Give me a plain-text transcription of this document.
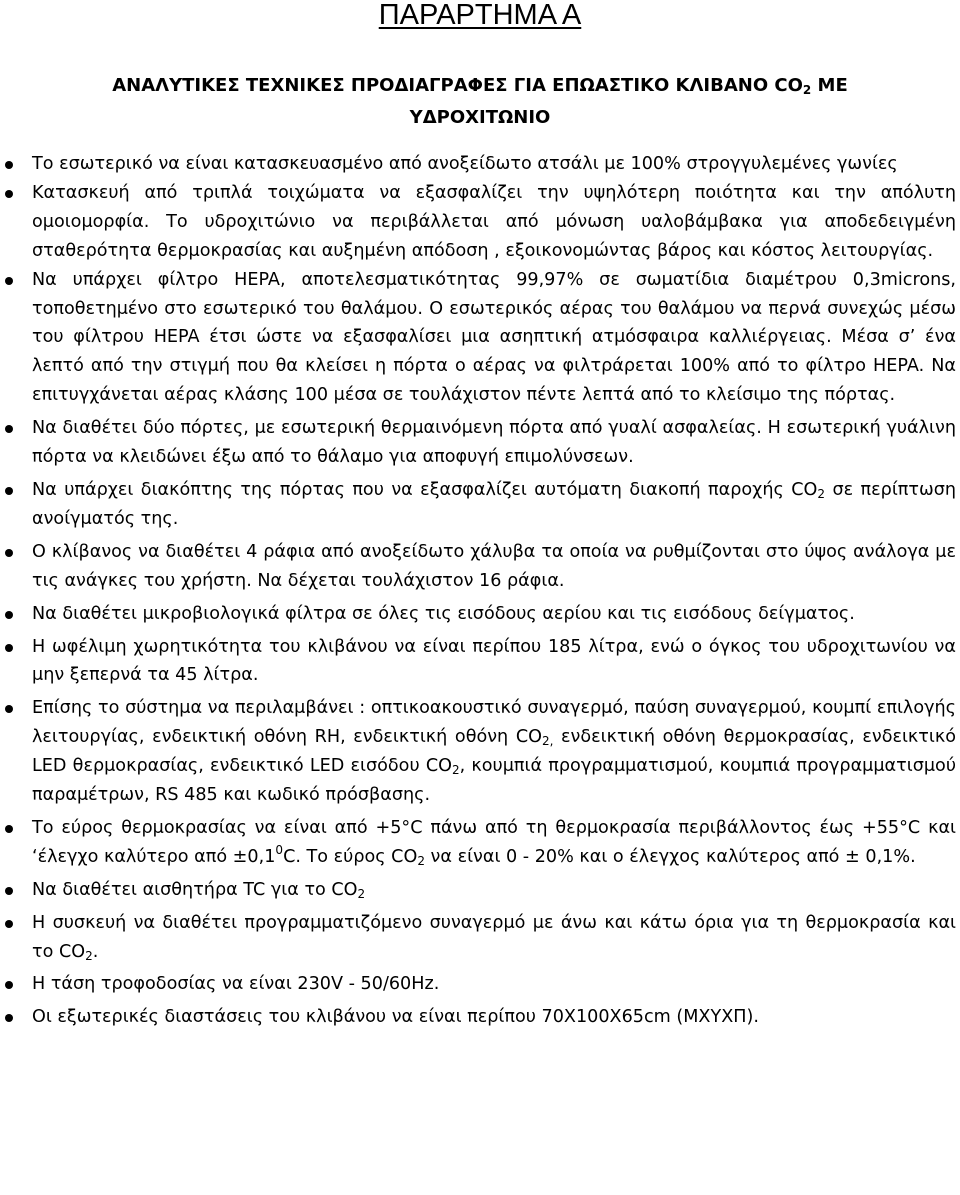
ΠΑΡΑΡΤΗΜΑ Α
ΑΝΑΛΥΤΙΚΕΣ ΤΕΧΝΙΚΕΣ ΠΡΟΔΙΑΓΡΑΦΕΣ ΓΙΑ ΕΠΩΑΣΤΙΚΟ ΚΛΙΒΑΝΟ $CO_2$ ΜΕ
ΥΔΡΟΧΙΤΩΝΙΟ
Το εσωτερικό να είναι κατασκευασμένο από ανοξείδωτο ατσάλι με 100% στρογγυλεμένες γωνίες
Κατασκευή από τριπλά τοιχώματα να εξασφαλίζει την υψηλότερη ποιότητα και την απόλυτη ομοιομορφία. Το υδροχιτώνιο να περιβάλλεται από μόνωση υαλοβάμβακα για αποδεδειγμένη σταθερότητα θερμοκρασίας και αυξημένη απόδοση , εξοικονομώντας βάρος και κόστος λειτουργίας.
Να υπάρχει φίλτρο HEPA, αποτελεσματικότητας 99,97% σε σωματίδια διαμέτρου 0,3microns, τοποθετημένο στο εσωτερικό του θαλάμου. Ο εσωτερικός αέρας του θαλάμου να περνά συνεχώς μέσω του φίλτρου HEPA έτσι ώστε να εξασφαλίσει μια ασηπτική ατμόσφαιρα καλλιέργειας. Μέσα σ’ ένα λεπτό από την στιγμή που θα κλείσει η πόρτα ο αέρας να φιλτράρεται 100% από το φίλτρο HEPA. Να επιτυγχάνεται αέρας κλάσης 100 μέσα σε τουλάχιστον πέντε λεπτά από το κλείσιμο της πόρτας.
Να διαθέτει δύο πόρτες, με εσωτερική θερμαινόμενη πόρτα από γυαλί ασφαλείας. Η εσωτερική γυάλινη πόρτα να κλειδώνει έξω από το θάλαμο για αποφυγή επιμολύνσεων.
Να υπάρχει διακόπτης της πόρτας που να εξασφαλίζει αυτόματη διακοπή παροχής $CO_2$ σε περίπτωση ανοίγματός της.
Ο κλίβανος να διαθέτει 4 ράφια από ανοξείδωτο χάλυβα τα οποία να ρυθμίζονται στο ύψος ανάλογα με τις ανάγκες του χρήστη. Να δέχεται τουλάχιστον 16 ράφια.
Να διαθέτει μικροβιολογικά φίλτρα σε όλες τις εισόδους αερίου και τις εισόδους δείγματος.
Η ωφέλιμη χωρητικότητα του κλιβάνου να είναι περίπου 185 λίτρα, ενώ ο όγκος του υδροχιτωνίου να μην ξεπερνά τα 45 λίτρα.
Επίσης το σύστημα να περιλαμβάνει : οπτικοακουστικό συναγερμό, παύση συναγερμού, κουμπί επιλογής λειτουργίας, ενδεικτική οθόνη RH, ενδεικτική οθόνη $CO_{2,}$ ενδεικτική οθόνη θερμοκρασίας, ενδεικτικό LED θερμοκρασίας, ενδεικτικό LED εισόδου $CO_2$, κουμπιά προγραμματισμού, κουμπιά προγραμματισμού παραμέτρων, RS 485 και κωδικό πρόσβασης.
Το εύρος θερμοκρασίας να είναι από +5°C πάνω από τη θερμοκρασία περιβάλλοντος έως +55°C και ‘έλεγχο καλύτερο $\alpha\pi ό \pm 0,1^0C$. Το εύρος $CO_2$ να είναι 0 - 20% και ο έλεγχος καλύτερος από ± 0,1%.
Να διαθέτει αισθητήρα TC για το $CO_2$
Η συσκευή να διαθέτει προγραμματιζόμενο συναγερμό με άνω και κάτω όρια για τη θερμοκρασία και το $CO_2$.
Η τάση τροφοδοσίας να είναι 230V - 50/60Hz.
Οι εξωτερικές διαστάσεις του κλιβάνου να είναι περίπου 70X100X65cm (ΜΧΥΧΠ).
